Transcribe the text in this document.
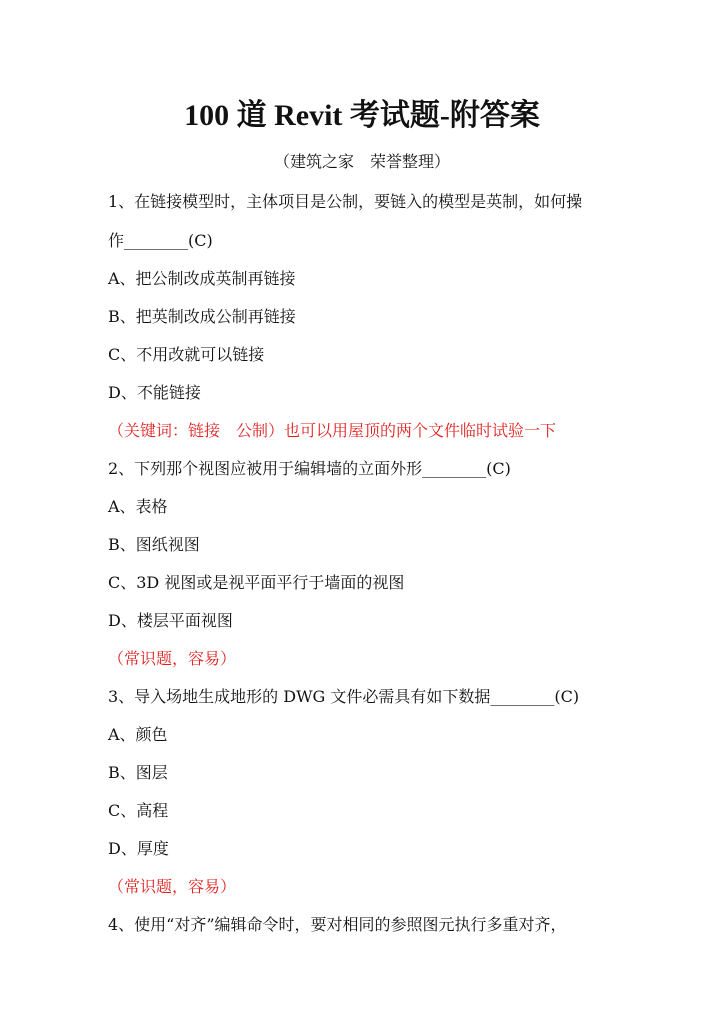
100 道 Revit 考试题-附答案
（建筑之家　荣誉整理）
1、在链接模型时，主体项目是公制，要链入的模型是英制，如何操
作________(C)
A、把公制改成英制再链接
B、把英制改成公制再链接
C、不用改就可以链接
D、不能链接
（关键词：链接　公制）也可以用屋顶的两个文件临时试验一下
2、下列那个视图应被用于编辑墙的立面外形________(C)
A、表格
B、图纸视图
C、3D 视图或是视平面平行于墙面的视图
D、楼层平面视图
（常识题，容易）
3、导入场地生成地形的 DWG 文件必需具有如下数据________(C)
A、颜色
B、图层
C、高程
D、厚度
（常识题，容易）
4、使用“对齐”编辑命令时，要对相同的参照图元执行多重对齐，
